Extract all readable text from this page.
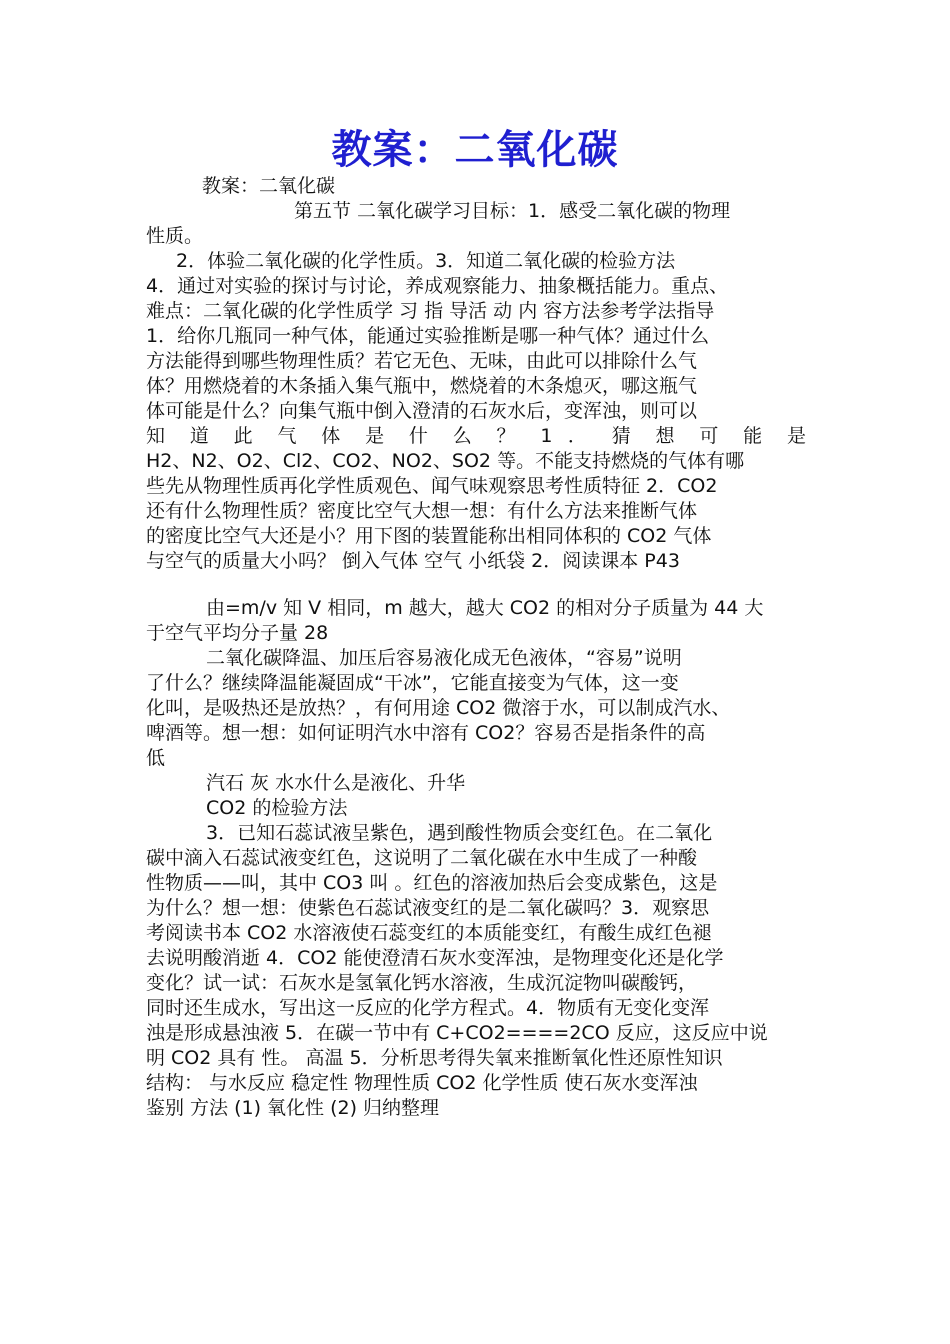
教案：二氧化碳

教案：二氧化碳

第五节 二氧化碳学习目标：1．感受二氧化碳的物理

性质。

2．体验二氧化碳的化学性质。3．知道二氧化碳的检验方法

4．通过对实验的探讨与讨论，养成观察能力、抽象概括能力。重点、

难点：二氧化碳的化学性质学 习 指 导活 动 内 容方法参考学法指导

1．给你几瓶同一种气体，能通过实验推断是哪一种气体？通过什么

方法能得到哪些物理性质？若它无色、无味，由此可以排除什么气

体？用燃烧着的木条插入集气瓶中，燃烧着的木条熄灭，哪这瓶气

体可能是什么？向集气瓶中倒入澄清的石灰水后，变浑浊，则可以

知 道 此 气 体 是 什 么 ？ 1 ． 猜 想 可 能 是

H2、N2、O2、Cl2、CO2、NO2、SO2 等。不能支持燃烧的气体有哪

些先从物理性质再化学性质观色、闻气味观察思考性质特征 2．CO2

还有什么物理性质？密度比空气大想一想：有什么方法来推断气体

的密度比空气大还是小？用下图的装置能称出相同体积的 CO2 气体

与空气的质量大小吗？ 倒入气体 空气 小纸袋 2．阅读课本 P43

由=m/v 知 V 相同，m 越大，越大 CO2 的相对分子质量为 44 大

于空气平均分子量 28

二氧化碳降温、加压后容易液化成无色液体，“容易”说明

了什么？继续降温能凝固成“干冰”，它能直接变为气体，这一变

化叫，是吸热还是放热？，有何用途 CO2 微溶于水，可以制成汽水、

啤酒等。想一想：如何证明汽水中溶有 CO2？容易否是指条件的高

低

汽石 灰 水水什么是液化、升华

CO2 的检验方法

3．已知石蕊试液呈紫色，遇到酸性物质会变红色。在二氧化

碳中滴入石蕊试液变红色，这说明了二氧化碳在水中生成了一种酸

性物质——叫，其中 CO3 叫 。红色的溶液加热后会变成紫色，这是

为什么？想一想：使紫色石蕊试液变红的是二氧化碳吗？3．观察思

考阅读书本 CO2 水溶液使石蕊变红的本质能变红，有酸生成红色褪

去说明酸消逝 4．CO2 能使澄清石灰水变浑浊，是物理变化还是化学

变化？试一试：石灰水是氢氧化钙水溶液，生成沉淀物叫碳酸钙，

同时还生成水，写出这一反应的化学方程式。4．物质有无变化变浑

浊是形成悬浊液 5．在碳一节中有 C+CO2====2CO 反应，这反应中说

明 CO2 具有 性。 高温 5．分析思考得失氧来推断氧化性还原性知识

结构： 与水反应 稳定性 物理性质 CO2 化学性质 使石灰水变浑浊

鉴别 方法 (1) 氧化性 (2) 归纳整理
